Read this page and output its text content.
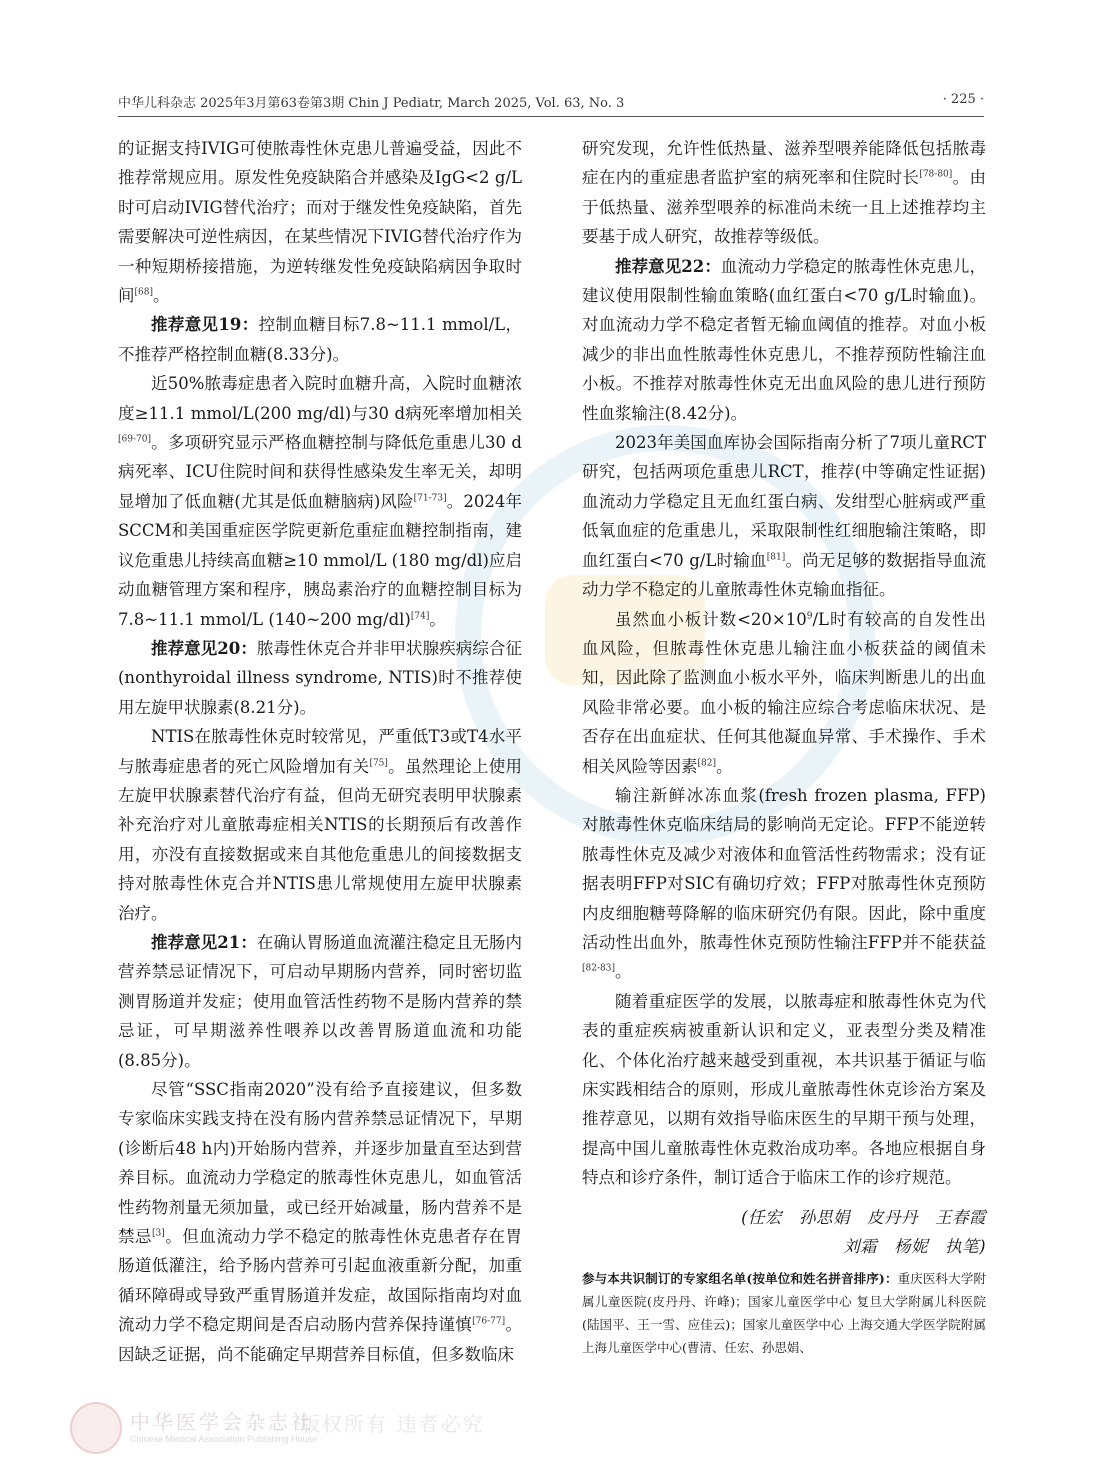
中华医学会杂志社
Chinese Medical Association Publishing House
版权所有 违者必究
中华儿科杂志 2025年3月第63卷第3期 Chin J Pediatr, March 2025, Vol. 63, No. 3	· 225 ·

的证据支持IVIG可使脓毒性休克患儿普遍受益，因此不推荐常规应用。原发性免疫缺陷合并感染及IgG<2 g/L时可启动IVIG替代治疗；而对于继发性免疫缺陷，首先需要解决可逆性病因，在某些情况下IVIG替代治疗作为一种短期桥接措施，为逆转继发性免疫缺陷病因争取时间[68]。

推荐意见19：控制血糖目标7.8~11.1 mmol/L，不推荐严格控制血糖(8.33分)。

近50%脓毒症患者入院时血糖升高，入院时血糖浓度≥11.1 mmol/L(200 mg/dl)与30 d病死率增加相关[69-70]。多项研究显示严格血糖控制与降低危重患儿30 d病死率、ICU住院时间和获得性感染发生率无关，却明显增加了低血糖(尤其是低血糖脑病)风险[71-73]。2024年SCCM和美国重症医学院更新危重症血糖控制指南，建议危重患儿持续高血糖≥10 mmol/L (180 mg/dl)应启动血糖管理方案和程序，胰岛素治疗的血糖控制目标为7.8~11.1 mmol/L (140~200 mg/dl)[74]。

推荐意见20：脓毒性休克合并非甲状腺疾病综合征(nonthyroidal illness syndrome, NTIS)时不推荐使用左旋甲状腺素(8.21分)。

NTIS在脓毒性休克时较常见，严重低T3或T4水平与脓毒症患者的死亡风险增加有关[75]。虽然理论上使用左旋甲状腺素替代治疗有益，但尚无研究表明甲状腺素补充治疗对儿童脓毒症相关NTIS的长期预后有改善作用，亦没有直接数据或来自其他危重患儿的间接数据支持对脓毒性休克合并NTIS患儿常规使用左旋甲状腺素治疗。

推荐意见21：在确认胃肠道血流灌注稳定且无肠内营养禁忌证情况下，可启动早期肠内营养，同时密切监测胃肠道并发症；使用血管活性药物不是肠内营养的禁忌证，可早期滋养性喂养以改善胃肠道血流和功能(8.85分)。

尽管“SSC指南2020”没有给予直接建议，但多数专家临床实践支持在没有肠内营养禁忌证情况下，早期(诊断后48 h内)开始肠内营养，并逐步加量直至达到营养目标。血流动力学稳定的脓毒性休克患儿，如血管活性药物剂量无须加量，或已经开始减量，肠内营养不是禁忌[3]。但血流动力学不稳定的脓毒性休克患者存在胃肠道低灌注，给予肠内营养可引起血液重新分配，加重循环障碍或导致严重胃肠道并发症，故国际指南均对血流动力学不稳定期间是否启动肠内营养保持谨慎[76-77]。因缺乏证据，尚不能确定早期营养目标值，但多数临床

研究发现，允许性低热量、滋养型喂养能降低包括脓毒症在内的重症患者监护室的病死率和住院时长[78-80]。由于低热量、滋养型喂养的标准尚未统一且上述推荐均主要基于成人研究，故推荐等级低。

推荐意见22：血流动力学稳定的脓毒性休克患儿，建议使用限制性输血策略(血红蛋白<70 g/L时输血)。对血流动力学不稳定者暂无输血阈值的推荐。对血小板减少的非出血性脓毒性休克患儿，不推荐预防性输注血小板。不推荐对脓毒性休克无出血风险的患儿进行预防性血浆输注(8.42分)。

2023年美国血库协会国际指南分析了7项儿童RCT研究，包括两项危重患儿RCT，推荐(中等确定性证据)血流动力学稳定且无血红蛋白病、发绀型心脏病或严重低氧血症的危重患儿，采取限制性红细胞输注策略，即血红蛋白<70 g/L时输血[81]。尚无足够的数据指导血流动力学不稳定的儿童脓毒性休克输血指征。

虽然血小板计数$<20\times 10^9/L$时有较高的自发性出血风险，但脓毒性休克患儿输注血小板获益的阈值未知，因此除了监测血小板水平外，临床判断患儿的出血风险非常必要。血小板的输注应综合考虑临床状况、是否存在出血症状、任何其他凝血异常、手术操作、手术相关风险等因素[82]。

输注新鲜冰冻血浆(fresh frozen plasma, FFP)对脓毒性休克临床结局的影响尚无定论。FFP不能逆转脓毒性休克及减少对液体和血管活性药物需求；没有证据表明FFP对SIC有确切疗效；FFP对脓毒性休克预防内皮细胞糖萼降解的临床研究仍有限。因此，除中重度活动性出血外，脓毒性休克预防性输注FFP并不能获益[82-83]。

随着重症医学的发展，以脓毒症和脓毒性休克为代表的重症疾病被重新认识和定义，亚表型分类及精准化、个体化治疗越来越受到重视，本共识基于循证与临床实践相结合的原则，形成儿童脓毒性休克诊治方案及推荐意见，以期有效指导临床医生的早期干预与处理，提高中国儿童脓毒性休克救治成功率。各地应根据自身特点和诊疗条件，制订适合于临床工作的诊疗规范。

(任宏　孙思娟　皮丹丹　王春霞
刘霜　杨妮　执笔)
参与本共识制订的专家组名单(按单位和姓名拼音排序)：重庆医科大学附属儿童医院(皮丹丹、许峰)；国家儿童医学中心 复旦大学附属儿科医院(陆国平、王一雪、应佳云)；国家儿童医学中心 上海交通大学医学院附属上海儿童医学中心(曹清、任宏、孙思娟、
